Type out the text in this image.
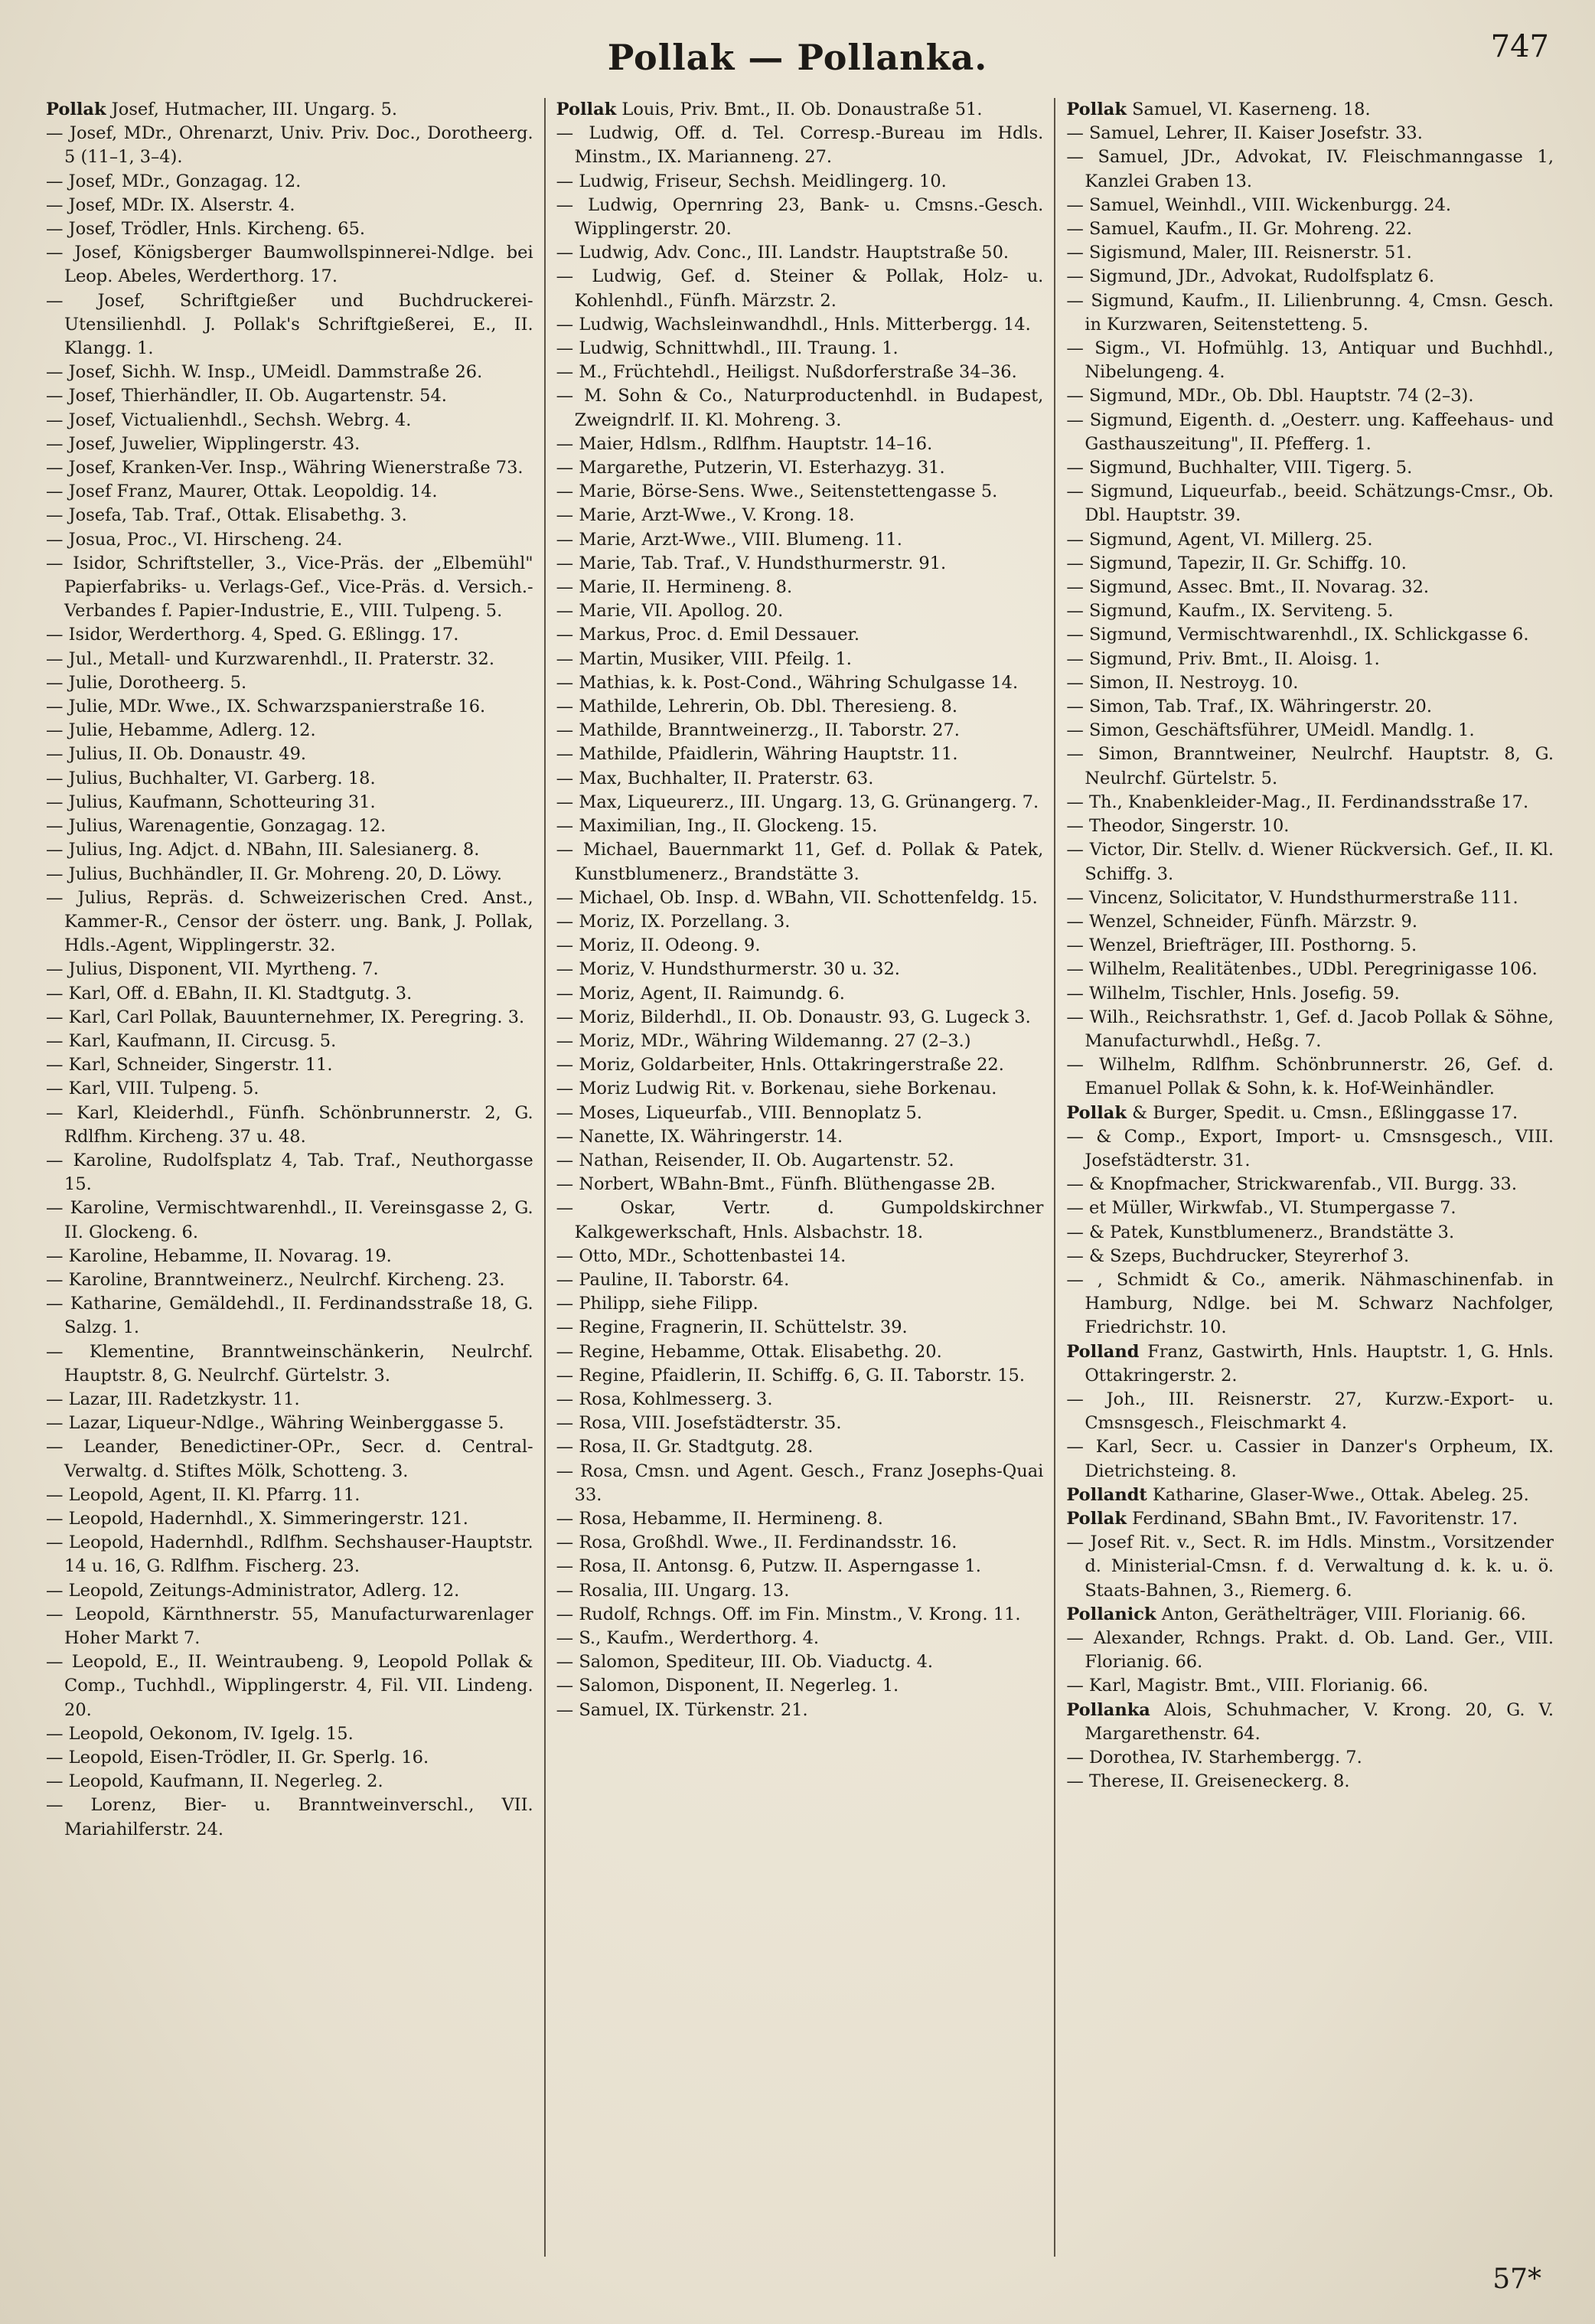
Pollak — Pollanka.	747
Pollak Josef, Hutmacher, III. Ungarg. 5.
— Josef, MDr., Ohrenarzt, Univ. Priv. Doc., Dorotheerg. 5 (11–1, 3–4).
— Josef, MDr., Gonzagag. 12.
— Josef, MDr. IX. Alserstr. 4.
— Josef, Trödler, Hnls. Kircheng. 65.
— Josef, Königsberger Baumwollspinnerei-Ndlge. bei Leop. Abeles, Werderthorg. 17.
— Josef, Schriftgießer und Buchdruckerei-Utensilienhdl. J. Pollak's Schriftgießerei, E., II. Klangg. 1.
— Josef, Sichh. W. Insp., UMeidl. Dammstraße 26.
— Josef, Thierhändler, II. Ob. Augartenstr. 54.
— Josef, Victualienhdl., Sechsh. Webrg. 4.
— Josef, Juwelier, Wipplingerstr. 43.
— Josef, Kranken-Ver. Insp., Währing Wienerstraße 73.
— Josef Franz, Maurer, Ottak. Leopoldig. 14.
— Josefa, Tab. Traf., Ottak. Elisabethg. 3.
— Josua, Proc., VI. Hirscheng. 24.
— Isidor, Schriftsteller, 3., Vice-Präs. der „Elbemühl" Papierfabriks- u. Verlags-Gef., Vice-Präs. d. Versich.-Verbandes f. Papier-Industrie, E., VIII. Tulpeng. 5.
— Isidor, Werderthorg. 4, Sped. G. Eßlingg. 17.
— Jul., Metall- und Kurzwarenhdl., II. Praterstr. 32.
— Julie, Dorotheerg. 5.
— Julie, MDr. Wwe., IX. Schwarzspanierstraße 16.
— Julie, Hebamme, Adlerg. 12.
— Julius, II. Ob. Donaustr. 49.
— Julius, Buchhalter, VI. Garberg. 18.
— Julius, Kaufmann, Schotteuring 31.
— Julius, Warenagentie, Gonzagag. 12.
— Julius, Ing. Adjct. d. NBahn, III. Salesianerg. 8.
— Julius, Buchhändler, II. Gr. Mohreng. 20, D. Löwy.
— Julius, Repräs. d. Schweizerischen Cred. Anst., Kammer-R., Censor der österr. ung. Bank, J. Pollak, Hdls.-Agent, Wipplingerstr. 32.
— Julius, Disponent, VII. Myrtheng. 7.
— Karl, Off. d. EBahn, II. Kl. Stadtgutg. 3.
— Karl, Carl Pollak, Bauunternehmer, IX. Peregring. 3.
— Karl, Kaufmann, II. Circusg. 5.
— Karl, Schneider, Singerstr. 11.
— Karl, VIII. Tulpeng. 5.
— Karl, Kleiderhdl., Fünfh. Schönbrunnerstr. 2, G. Rdlfhm. Kircheng. 37 u. 48.
— Karoline, Rudolfsplatz 4, Tab. Traf., Neuthorgasse 15.
— Karoline, Vermischtwarenhdl., II. Vereinsgasse 2, G. II. Glockeng. 6.
— Karoline, Hebamme, II. Novarag. 19.
— Karoline, Branntweinerz., Neulrchf. Kircheng. 23.
— Katharine, Gemäldehdl., II. Ferdinandsstraße 18, G. Salzg. 1.
— Klementine, Branntweinschänkerin, Neulrchf. Hauptstr. 8, G. Neulrchf. Gürtelstr. 3.
— Lazar, III. Radetzkystr. 11.
— Lazar, Liqueur-Ndlge., Währing Weinberggasse 5.
— Leander, Benedictiner-OPr., Secr. d. Central-Verwaltg. d. Stiftes Mölk, Schotteng. 3.
— Leopold, Agent, II. Kl. Pfarrg. 11.
— Leopold, Hadernhdl., X. Simmeringerstr. 121.
— Leopold, Hadernhdl., Rdlfhm. Sechshauser-Hauptstr. 14 u. 16, G. Rdlfhm. Fischerg. 23.
— Leopold, Zeitungs-Administrator, Adlerg. 12.
— Leopold, Kärnthnerstr. 55, Manufacturwarenlager Hoher Markt 7.
— Leopold, E., II. Weintraubeng. 9, Leopold Pollak & Comp., Tuchhdl., Wipplingerstr. 4, Fil. VII. Lindeng. 20.
— Leopold, Oekonom, IV. Igelg. 15.
— Leopold, Eisen-Trödler, II. Gr. Sperlg. 16.
— Leopold, Kaufmann, II. Negerleg. 2.
— Lorenz, Bier- u. Branntweinverschl., VII. Mariahilferstr. 24.
Pollak Louis, Priv. Bmt., II. Ob. Donaustraße 51.
— Ludwig, Off. d. Tel. Corresp.-Bureau im Hdls. Minstm., IX. Marianneng. 27.
— Ludwig, Friseur, Sechsh. Meidlingerg. 10.
— Ludwig, Opernring 23, Bank- u. Cmsns.-Gesch. Wipplingerstr. 20.
— Ludwig, Adv. Conc., III. Landstr. Hauptstraße 50.
— Ludwig, Gef. d. Steiner & Pollak, Holz- u. Kohlenhdl., Fünfh. Märzstr. 2.
— Ludwig, Wachsleinwandhdl., Hnls. Mitterbergg. 14.
— Ludwig, Schnittwhdl., III. Traung. 1.
— M., Früchtehdl., Heiligst. Nußdorferstraße 34–36.
— M. Sohn & Co., Naturproductenhdl. in Budapest, Zweigndrlf. II. Kl. Mohreng. 3.
— Maier, Hdlsm., Rdlfhm. Hauptstr. 14–16.
— Margarethe, Putzerin, VI. Esterhazyg. 31.
— Marie, Börse-Sens. Wwe., Seitenstettengasse 5.
— Marie, Arzt-Wwe., V. Krong. 18.
— Marie, Arzt-Wwe., VIII. Blumeng. 11.
— Marie, Tab. Traf., V. Hundsthurmerstr. 91.
— Marie, II. Hermineng. 8.
— Marie, VII. Apollog. 20.
— Markus, Proc. d. Emil Dessauer.
— Martin, Musiker, VIII. Pfeilg. 1.
— Mathias, k. k. Post-Cond., Währing Schulgasse 14.
— Mathilde, Lehrerin, Ob. Dbl. Theresieng. 8.
— Mathilde, Branntweinerzg., II. Taborstr. 27.
— Mathilde, Pfaidlerin, Währing Hauptstr. 11.
— Max, Buchhalter, II. Praterstr. 63.
— Max, Liqueurerz., III. Ungarg. 13, G. Grünangerg. 7.
— Maximilian, Ing., II. Glockeng. 15.
— Michael, Bauernmarkt 11, Gef. d. Pollak & Patek, Kunstblumenerz., Brandstätte 3.
— Michael, Ob. Insp. d. WBahn, VII. Schottenfeldg. 15.
— Moriz, IX. Porzellang. 3.
— Moriz, II. Odeong. 9.
— Moriz, V. Hundsthurmerstr. 30 u. 32.
— Moriz, Agent, II. Raimundg. 6.
— Moriz, Bilderhdl., II. Ob. Donaustr. 93, G. Lugeck 3.
— Moriz, MDr., Währing Wildemanng. 27 (2–3.)
— Moriz, Goldarbeiter, Hnls. Ottakringerstraße 22.
— Moriz Ludwig Rit. v. Borkenau, siehe Borkenau.
— Moses, Liqueurfab., VIII. Bennoplatz 5.
— Nanette, IX. Währingerstr. 14.
— Nathan, Reisender, II. Ob. Augartenstr. 52.
— Norbert, WBahn-Bmt., Fünfh. Blüthengasse 2B.
— Oskar, Vertr. d. Gumpoldskirchner Kalkgewerkschaft, Hnls. Alsbachstr. 18.
— Otto, MDr., Schottenbastei 14.
— Pauline, II. Taborstr. 64.
— Philipp, siehe Filipp.
— Regine, Fragnerin, II. Schüttelstr. 39.
— Regine, Hebamme, Ottak. Elisabethg. 20.
— Regine, Pfaidlerin, II. Schiffg. 6, G. II. Taborstr. 15.
— Rosa, Kohlmesserg. 3.
— Rosa, VIII. Josefstädterstr. 35.
— Rosa, II. Gr. Stadtgutg. 28.
— Rosa, Cmsn. und Agent. Gesch., Franz Josephs-Quai 33.
— Rosa, Hebamme, II. Hermineng. 8.
— Rosa, Großhdl. Wwe., II. Ferdinandsstr. 16.
— Rosa, II. Antonsg. 6, Putzw. II. Asperngasse 1.
— Rosalia, III. Ungarg. 13.
— Rudolf, Rchngs. Off. im Fin. Minstm., V. Krong. 11.
— S., Kaufm., Werderthorg. 4.
— Salomon, Spediteur, III. Ob. Viaductg. 4.
— Salomon, Disponent, II. Negerleg. 1.
— Samuel, IX. Türkenstr. 21.
Pollak Samuel, VI. Kaserneng. 18.
— Samuel, Lehrer, II. Kaiser Josefstr. 33.
— Samuel, JDr., Advokat, IV. Fleischmanngasse 1, Kanzlei Graben 13.
— Samuel, Weinhdl., VIII. Wickenburgg. 24.
— Samuel, Kaufm., II. Gr. Mohreng. 22.
— Sigismund, Maler, III. Reisnerstr. 51.
— Sigmund, JDr., Advokat, Rudolfsplatz 6.
— Sigmund, Kaufm., II. Lilienbrunng. 4, Cmsn. Gesch. in Kurzwaren, Seitenstetteng. 5.
— Sigm., VI. Hofmühlg. 13, Antiquar und Buchhdl., Nibelungeng. 4.
— Sigmund, MDr., Ob. Dbl. Hauptstr. 74 (2–3).
— Sigmund, Eigenth. d. „Oesterr. ung. Kaffeehaus- und Gasthauszeitung", II. Pfefferg. 1.
— Sigmund, Buchhalter, VIII. Tigerg. 5.
— Sigmund, Liqueurfab., beeid. Schätzungs-Cmsr., Ob. Dbl. Hauptstr. 39.
— Sigmund, Agent, VI. Millerg. 25.
— Sigmund, Tapezir, II. Gr. Schiffg. 10.
— Sigmund, Assec. Bmt., II. Novarag. 32.
— Sigmund, Kaufm., IX. Serviteng. 5.
— Sigmund, Vermischtwarenhdl., IX. Schlickgasse 6.
— Sigmund, Priv. Bmt., II. Aloisg. 1.
— Simon, II. Nestroyg. 10.
— Simon, Tab. Traf., IX. Währingerstr. 20.
— Simon, Geschäftsführer, UMeidl. Mandlg. 1.
— Simon, Branntweiner, Neulrchf. Hauptstr. 8, G. Neulrchf. Gürtelstr. 5.
— Th., Knabenkleider-Mag., II. Ferdinandsstraße 17.
— Theodor, Singerstr. 10.
— Victor, Dir. Stellv. d. Wiener Rückversich. Gef., II. Kl. Schiffg. 3.
— Vincenz, Solicitator, V. Hundsthurmerstraße 111.
— Wenzel, Schneider, Fünfh. Märzstr. 9.
— Wenzel, Briefträger, III. Posthorng. 5.
— Wilhelm, Realitätenbes., UDbl. Peregrinigasse 106.
— Wilhelm, Tischler, Hnls. Josefig. 59.
— Wilh., Reichsrathstr. 1, Gef. d. Jacob Pollak & Söhne, Manufacturwhdl., Heßg. 7.
— Wilhelm, Rdlfhm. Schönbrunnerstr. 26, Gef. d. Emanuel Pollak & Sohn, k. k. Hof-Weinhändler.
Pollak & Burger, Spedit. u. Cmsn., Eßlinggasse 17.
— & Comp., Export, Import- u. Cmsnsgesch., VIII. Josefstädterstr. 31.
— & Knopfmacher, Strickwarenfab., VII. Burgg. 33.
— et Müller, Wirkwfab., VI. Stumpergasse 7.
— & Patek, Kunstblumenerz., Brandstätte 3.
— & Szeps, Buchdrucker, Steyrerhof 3.
— , Schmidt & Co., amerik. Nähmaschinenfab. in Hamburg, Ndlge. bei M. Schwarz Nachfolger, Friedrichstr. 10.
Polland Franz, Gastwirth, Hnls. Hauptstr. 1, G. Hnls. Ottakringerstr. 2.
— Joh., III. Reisnerstr. 27, Kurzw.-Export- u. Cmsnsgesch., Fleischmarkt 4.
— Karl, Secr. u. Cassier in Danzer's Orpheum, IX. Dietrichsteing. 8.
Pollandt Katharine, Glaser-Wwe., Ottak. Abeleg. 25.
Pollak Ferdinand, SBahn Bmt., IV. Favoritenstr. 17.
— Josef Rit. v., Sect. R. im Hdls. Minstm., Vorsitzender d. Ministerial-Cmsn. f. d. Verwaltung d. k. k. u. ö. Staats-Bahnen, 3., Riemerg. 6.
Pollanick Anton, Geräthelträger, VIII. Florianig. 66.
— Alexander, Rchngs. Prakt. d. Ob. Land. Ger., VIII. Florianig. 66.
— Karl, Magistr. Bmt., VIII. Florianig. 66.
Pollanka Alois, Schuhmacher, V. Krong. 20, G. V. Margarethenstr. 64.
— Dorothea, IV. Starhembergg. 7.
— Therese, II. Greiseneckerg. 8.
57*
